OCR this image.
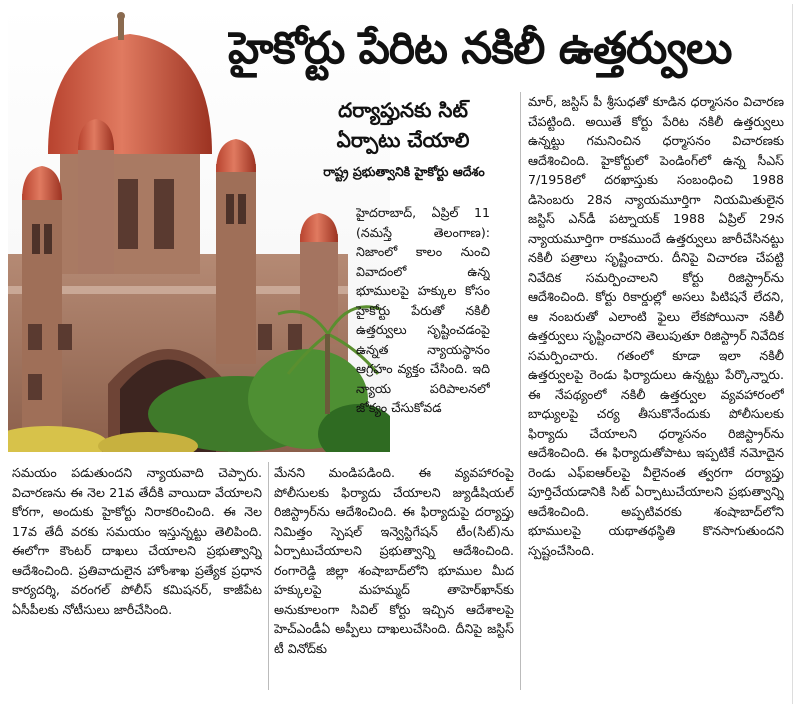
హైకోర్టు పేరిట నకిలీ ఉత్తర్వులు
దర్యాప్తునకు సిట్ ఏర్పాటు చేయాలి
రాష్ట్ర ప్రభుత్వానికి హైకోర్టు ఆదేశం
హైదరాబాద్, ఏప్రిల్ 11 (నమస్తే తెలంగాణ): నిజాంలో కాలం నుంచి వివాదంలో ఉన్న భూములపై హక్కుల కోసం హైకోర్టు పేరుతో నకిలీ ఉత్తర్వులు సృష్టించడంపై ఉన్నత న్యాయస్థానం ఆగ్రహం వ్యక్తం చేసింది. ఇది న్యాయ పరిపాలనలో జోక్యం చేసుకోవడ
సమయం పడుతుందని న్యాయవాది చెప్పారు. విచారణను ఈ నెల 21వ తేదీకి వాయిదా వేయాలని కోరగా, అందుకు హైకోర్టు నిరాకరించింది. ఈ నెల 17వ తేదీ వరకు సమయం ఇస్తున్నట్టు తెలిపింది. ఈలోగా కౌంటర్ దాఖలు చేయాలని ప్రభుత్వాన్ని ఆదేశించింది. ప్రతివాదులైన హోంశాఖ ప్రత్యేక ప్రధాన కార్యదర్శి, వరంగల్ పోలీస్ కమిషనర్, కాజీపేట ఏసీపీలకు నోటీసులు జారీచేసింది.
మేనని మండిపడింది. ఈ వ్యవహారంపై పోలీసులకు ఫిర్యాదు చేయాలని జ్యుడీషియల్ రిజిస్ట్రార్‌ను ఆదేశించింది. ఈ ఫిర్యాదుపై దర్యాప్తు నిమిత్తం స్పెషల్ ఇన్వెస్టిగేషన్ టీం(సిట్)ను ఏర్పాటుచేయాలని ప్రభుత్వాన్ని ఆదేశించింది. రంగారెడ్డి జిల్లా శంషాబాద్‌లోని భూముల మీద హక్కులపై మహమ్మద్ తాహెర్‌ఖాన్‌కు అనుకూలంగా సివిల్ కోర్టు ఇచ్చిన ఆదేశాలపై హెచ్‌ఎండీఏ అప్పీలు దాఖలుచేసింది. దీనిపై జస్టిస్ టీ వినోద్‌కు
మార్, జస్టిస్ పీ శ్రీసుధతో కూడిన ధర్మాసనం విచారణ చేపట్టింది. అయితే కోర్టు పేరిట నకిలీ ఉత్తర్వులు ఉన్నట్టు గమనించిన ధర్మాసనం విచారణకు ఆదేశించింది. హైకోర్టులో పెండింగ్‌లో ఉన్న సీఎస్ 7/1958లో దరఖాస్తుకు సంబంధించి 1988 డిసెంబరు 28న న్యాయమూర్తిగా నియమితులైన జస్టిస్ ఎన్‌డీ పట్నాయక్ 1988 ఏప్రిల్ 29న న్యాయమూర్తిగా రాకముందే ఉత్తర్వులు జారీచేసినట్టు నకిలీ పత్రాలు సృష్టించారు. దీనిపై విచారణ చేపట్టి నివేదిక సమర్పించాలని కోర్టు రిజిస్ట్రార్‌ను ఆదేశించింది. కోర్టు రికార్డుల్లో అసలు పిటిషనే లేదని, ఆ నంబరుతో ఎలాంటి ఫైలు లేకపోయినా నకిలీ ఉత్తర్వులు సృష్టించారని తెలుపుతూ రిజిస్ట్రార్ నివేదిక సమర్పించారు. గతంలో కూడా ఇలా నకిలీ ఉత్తర్వులపై రెండు ఫిర్యాదులు ఉన్నట్టు పేర్కొన్నారు. ఈ నేపథ్యంలో నకిలీ ఉత్తర్వుల వ్యవహారంలో బాధ్యులపై చర్య తీసుకొనేందుకు పోలీసులకు ఫిర్యాదు చేయాలని ధర్మాసనం రిజిస్ట్రార్‌ను ఆదేశించింది. ఈ ఫిర్యాదుతోపాటు ఇప్పటికే నమోదైన రెండు ఎఫ్‌ఐఆర్‌లపై వీలైనంత త్వరగా దర్యాప్తు పూర్తిచేయడానికి సిట్ ఏర్పాటుచేయాలని ప్రభుత్వాన్ని ఆదేశించింది. అప్పటివరకు శంషాబాద్‌లోని భూములపై యథాతథస్థితి కొనసాగుతుందని స్పష్టంచేసింది.
